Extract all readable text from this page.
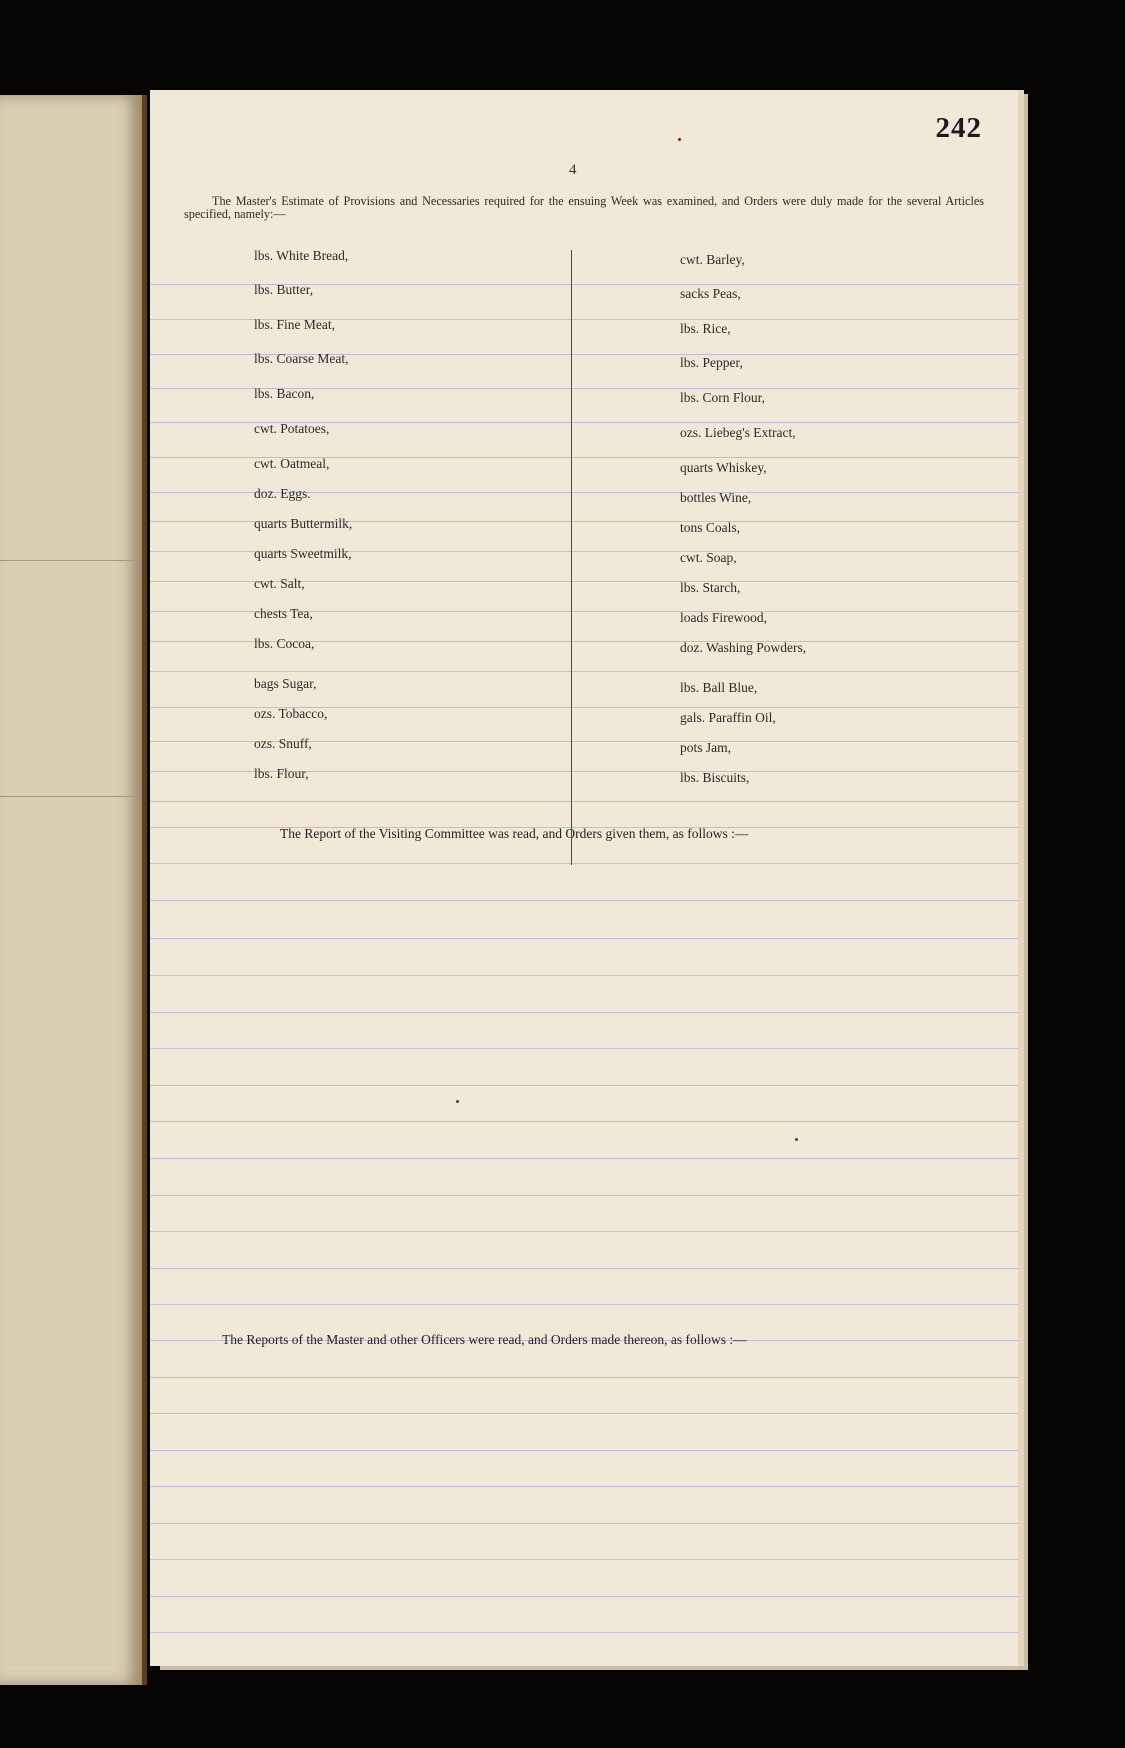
242
4
The Master's Estimate of Provisions and Necessaries required for the ensuing Week was examined, and Orders were duly made for the several Articles specified, namely:—
lbs. White Bread,
lbs. Butter,
lbs. Fine Meat,
lbs. Coarse Meat,
lbs. Bacon,
cwt. Potatoes,
cwt. Oatmeal,
doz. Eggs.
quarts Buttermilk,
quarts Sweetmilk,
cwt. Salt,
chests Tea,
lbs. Cocoa,
bags Sugar,
ozs. Tobacco,
ozs. Snuff,
lbs. Flour,
cwt. Barley,
sacks Peas,
lbs. Rice,
lbs. Pepper,
lbs. Corn Flour,
ozs. Liebeg's Extract,
quarts Whiskey,
bottles Wine,
tons Coals,
cwt. Soap,
lbs. Starch,
loads Firewood,
doz. Washing Powders,
lbs. Ball Blue,
gals. Paraffin Oil,
pots Jam,
lbs. Biscuits,
The Report of the Visiting Committee was read, and Orders given them, as follows :—
The Reports of the Master and other Officers were read, and Orders made thereon, as follows :—
